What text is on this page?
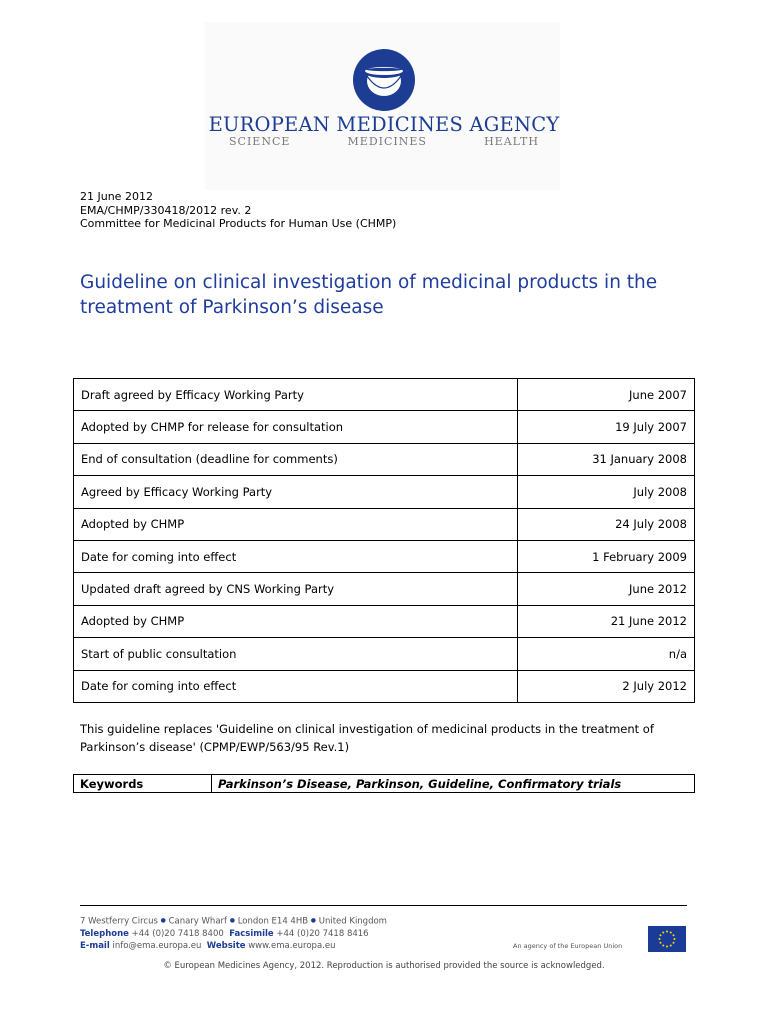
EUROPEAN MEDICINES AGENCY
SCIENCE MEDICINES HEALTH
21 June 2012
EMA/CHMP/330418/2012 rev. 2
Committee for Medicinal Products for Human Use (CHMP)
Guideline on clinical investigation of medicinal products in the treatment of Parkinson’s disease
Draft agreed by Efficacy Working Party	June 2007
Adopted by CHMP for release for consultation	19 July 2007
End of consultation (deadline for comments)	31 January 2008
Agreed by Efficacy Working Party	July 2008
Adopted by CHMP	24 July 2008
Date for coming into effect	1 February 2009
Updated draft agreed by CNS Working Party	June 2012
Adopted by CHMP	21 June 2012
Start of public consultation	n/a
Date for coming into effect	2 July 2012
This guideline replaces 'Guideline on clinical investigation of medicinal products in the treatment of Parkinson’s disease' (CPMP/EWP/563/95 Rev.1)
Keywords	Parkinson’s Disease, Parkinson, Guideline, Confirmatory trials
7 Westferry Circus ● Canary Wharf ● London E14 4HB ● United Kingdom
Telephone +44 (0)20 7418 8400 Facsimile +44 (0)20 7418 8416
E-mail info@ema.europa.eu Website www.ema.europa.eu	An agency of the European Union
© European Medicines Agency, 2012. Reproduction is authorised provided the source is acknowledged.
